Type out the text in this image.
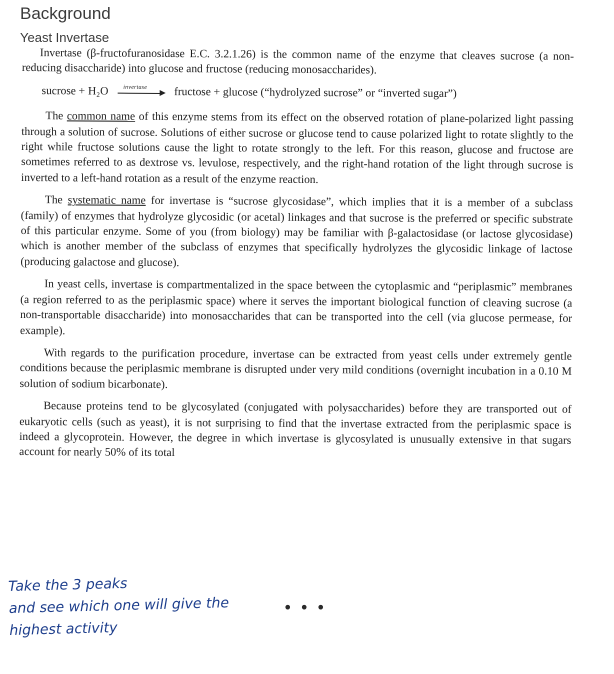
Background
Yeast Invertase

Invertase (β-fructofuranosidase E.C. 3.2.1.26) is the common name of the enzyme that cleaves sucrose (a non-reducing disaccharide) into glucose and fructose (reducing monosaccharides).

sucrose + H₂O invertase fructose + glucose (“hydrolyzed sucrose” or “inverted sugar”)

The common name of this enzyme stems from its effect on the observed rotation of plane-polarized light passing through a solution of sucrose. Solutions of either sucrose or glucose tend to cause polarized light to rotate slightly to the right while fructose solutions cause the light to rotate strongly to the left. For this reason, glucose and fructose are sometimes referred to as dextrose vs. levulose, respectively, and the right-hand rotation of the light through sucrose is inverted to a left-hand rotation as a result of the enzyme reaction.

The systematic name for invertase is “sucrose glycosidase”, which implies that it is a member of a subclass (family) of enzymes that hydrolyze glycosidic (or acetal) linkages and that sucrose is the preferred or specific substrate of this particular enzyme. Some of you (from biology) may be familiar with β-galactosidase (or lactose glycosidase) which is another member of the subclass of enzymes that specifically hydrolyzes the glycosidic linkage of lactose (producing galactose and glucose).

In yeast cells, invertase is compartmentalized in the space between the cytoplasmic and “periplasmic” membranes (a region referred to as the periplasmic space) where it serves the important biological function of cleaving sucrose (a non-transportable disaccharide) into monosaccharides that can be transported into the cell (via glucose permease, for example).

With regards to the purification procedure, invertase can be extracted from yeast cells under extremely gentle conditions because the periplasmic membrane is disrupted under very mild conditions (overnight incubation in a 0.10 M solution of sodium bicarbonate).

Because proteins tend to be glycosylated (conjugated with polysaccharides) before they are transported out of eukaryotic cells (such as yeast), it is not surprising to find that the invertase extracted from the periplasmic space is indeed a glycoprotein. However, the degree in which invertase is glycosylated is unusually extensive in that sugars account for nearly 50% of its total

Take the 3 peaks
and see which one will give the
highest activity
• • •
